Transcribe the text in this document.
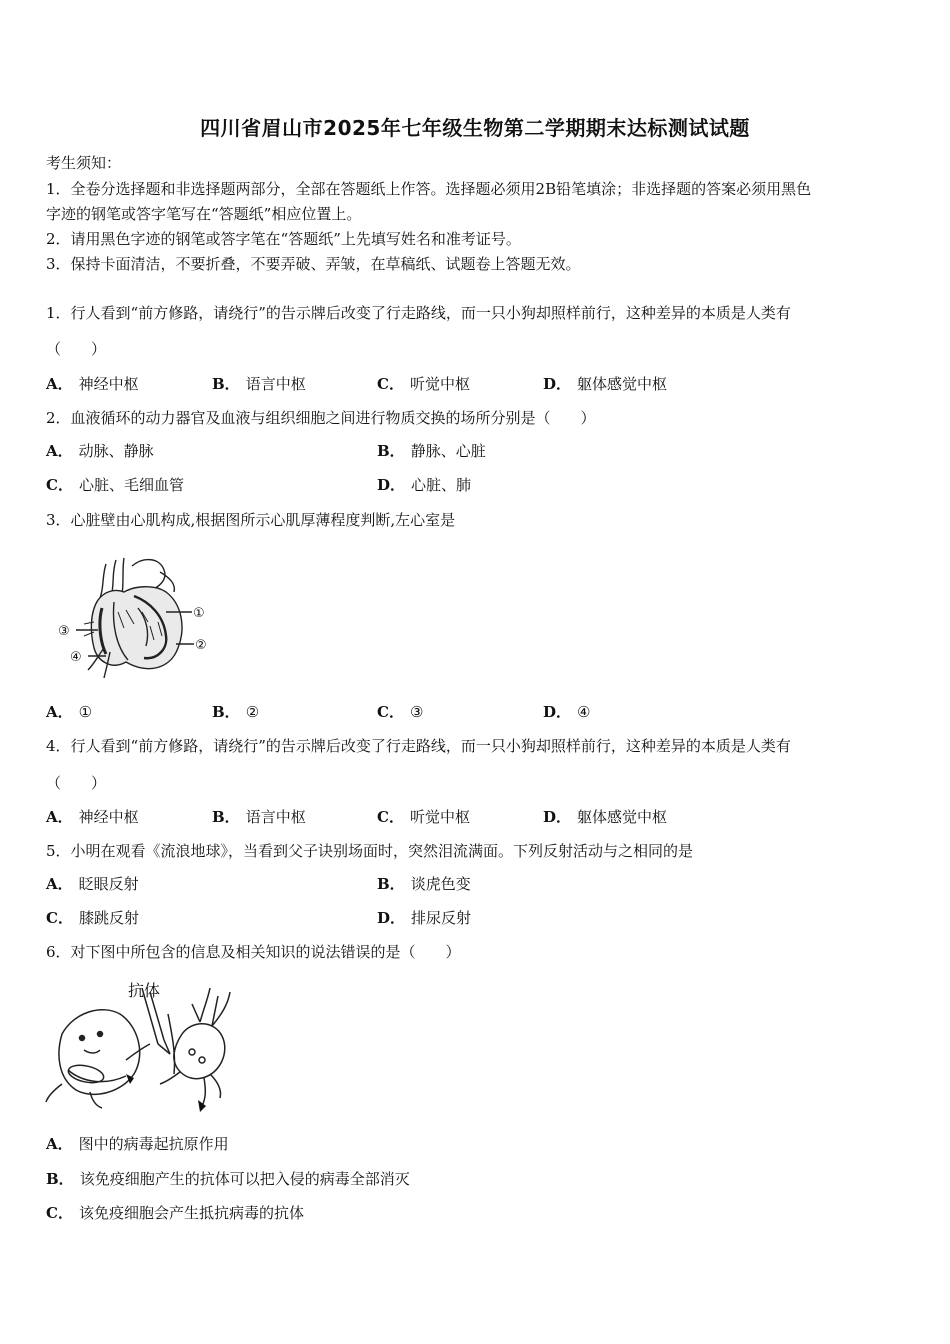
四川省眉山市2025年七年级生物第二学期期末达标测试试题
考生须知：
1．全卷分选择题和非选择题两部分，全部在答题纸上作答。选择题必须用2B铅笔填涂；非选择题的答案必须用黑色
字迹的钢笔或答字笔写在“答题纸”相应位置上。
2．请用黑色字迹的钢笔或答字笔在“答题纸”上先填写姓名和准考证号。
3．保持卡面清洁，不要折叠，不要弄破、弄皱，在草稿纸、试题卷上答题无效。
1．行人看到“前方修路，请绕行”的告示牌后改变了行走路线，而一只小狗却照样前行，这种差异的本质是人类有
（　　）
A． 神经中枢	B． 语言中枢	C． 听觉中枢	D． 躯体感觉中枢
2．血液循环的动力器官及血液与组织细胞之间进行物质交换的场所分别是（　　）
A． 动脉、静脉	B． 静脉、心脏
C． 心脏、毛细血管	D． 心脏、肺
3．心脏壁由心肌构成,根据图所示心肌厚薄程度判断,左心室是
①
②
③
④
A． ①	B． ②	C． ③	D． ④
4．行人看到“前方修路，请绕行”的告示牌后改变了行走路线，而一只小狗却照样前行，这种差异的本质是人类有
（　　）
A． 神经中枢	B． 语言中枢	C． 听觉中枢	D． 躯体感觉中枢
5．小明在观看《流浪地球》，当看到父子诀别场面时，突然泪流满面。下列反射活动与之相同的是
A． 眨眼反射	B． 谈虎色变
C． 膝跳反射	D． 排尿反射
6．对下图中所包含的信息及相关知识的说法错误的是（　　）
抗体
A． 图中的病毒起抗原作用
B． 该免疫细胞产生的抗体可以把入侵的病毒全部消灭
C． 该免疫细胞会产生抵抗病毒的抗体
